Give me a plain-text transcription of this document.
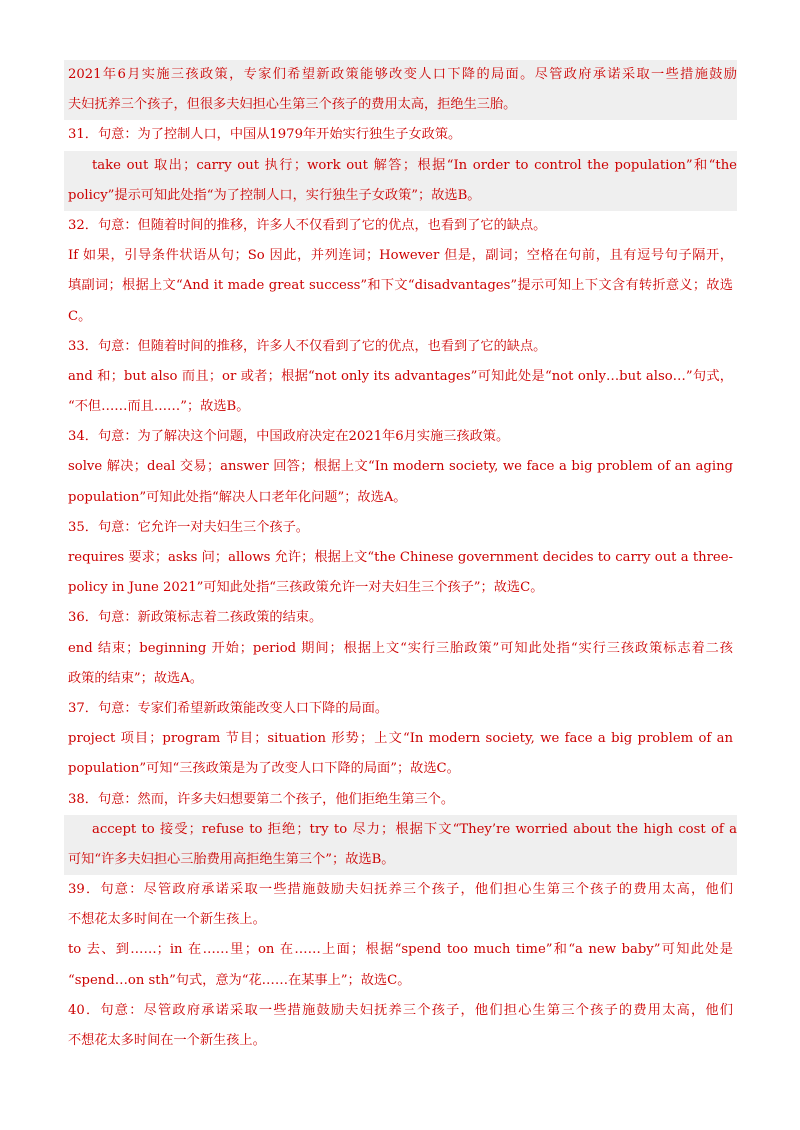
2021年6月实施三孩政策，专家们希望新政策能够改变人口下降的局面。尽管政府承诺采取一些措施鼓励
夫妇抚养三个孩子，但很多夫妇担心生第三个孩子的费用太高，拒绝生三胎。
31．句意：为了控制人口，中国从1979年开始实行独生子女政策。
take out 取出；carry out 执行；work out 解答；根据“In order to control the population”和“the
policy”提示可知此处指“为了控制人口，实行独生子女政策”；故选B。
32．句意：但随着时间的推移，许多人不仅看到了它的优点，也看到了它的缺点。
If 如果，引导条件状语从句；So 因此，并列连词；However 但是，副词；空格在句前，且有逗号句子隔开，
填副词；根据上文“And it made great success”和下文“disadvantages”提示可知上下文含有转折意义；故选
C。
33．句意：但随着时间的推移，许多人不仅看到了它的优点，也看到了它的缺点。
and 和；but also 而且；or 或者；根据“not only its advantages”可知此处是“not only…but also…”句式，
“不但……而且……”；故选B。
34．句意：为了解决这个问题，中国政府决定在2021年6月实施三孩政策。
solve 解决；deal 交易；answer 回答；根据上文“In modern society, we face a big problem of an aging
population”可知此处指“解决人口老年化问题”；故选A。
35．句意：它允许一对夫妇生三个孩子。
requires 要求；asks 问；allows 允许；根据上文“the Chinese government decides to carry out a three-
policy in June 2021”可知此处指“三孩政策允许一对夫妇生三个孩子”；故选C。
36．句意：新政策标志着二孩政策的结束。
end 结束；beginning 开始；period 期间；根据上文“实行三胎政策”可知此处指“实行三孩政策标志着二孩
政策的结束”；故选A。
37．句意：专家们希望新政策能改变人口下降的局面。
project 项目；program 节目；situation 形势；上文“In modern society, we face a big problem of an
population”可知“三孩政策是为了改变人口下降的局面”；故选C。
38．句意：然而，许多夫妇想要第二个孩子，他们拒绝生第三个。
accept to 接受；refuse to 拒绝；try to 尽力；根据下文“They’re worried about the high cost of a
可知“许多夫妇担心三胎费用高拒绝生第三个”；故选B。
39．句意：尽管政府承诺采取一些措施鼓励夫妇抚养三个孩子，他们担心生第三个孩子的费用太高，他们
不想花太多时间在一个新生孩上。
to 去、到……；in 在……里；on 在……上面；根据“spend too much time”和“a new baby”可知此处是
“spend…on sth”句式，意为“花……在某事上”；故选C。
40．句意：尽管政府承诺采取一些措施鼓励夫妇抚养三个孩子，他们担心生第三个孩子的费用太高，他们
不想花太多时间在一个新生孩上。
